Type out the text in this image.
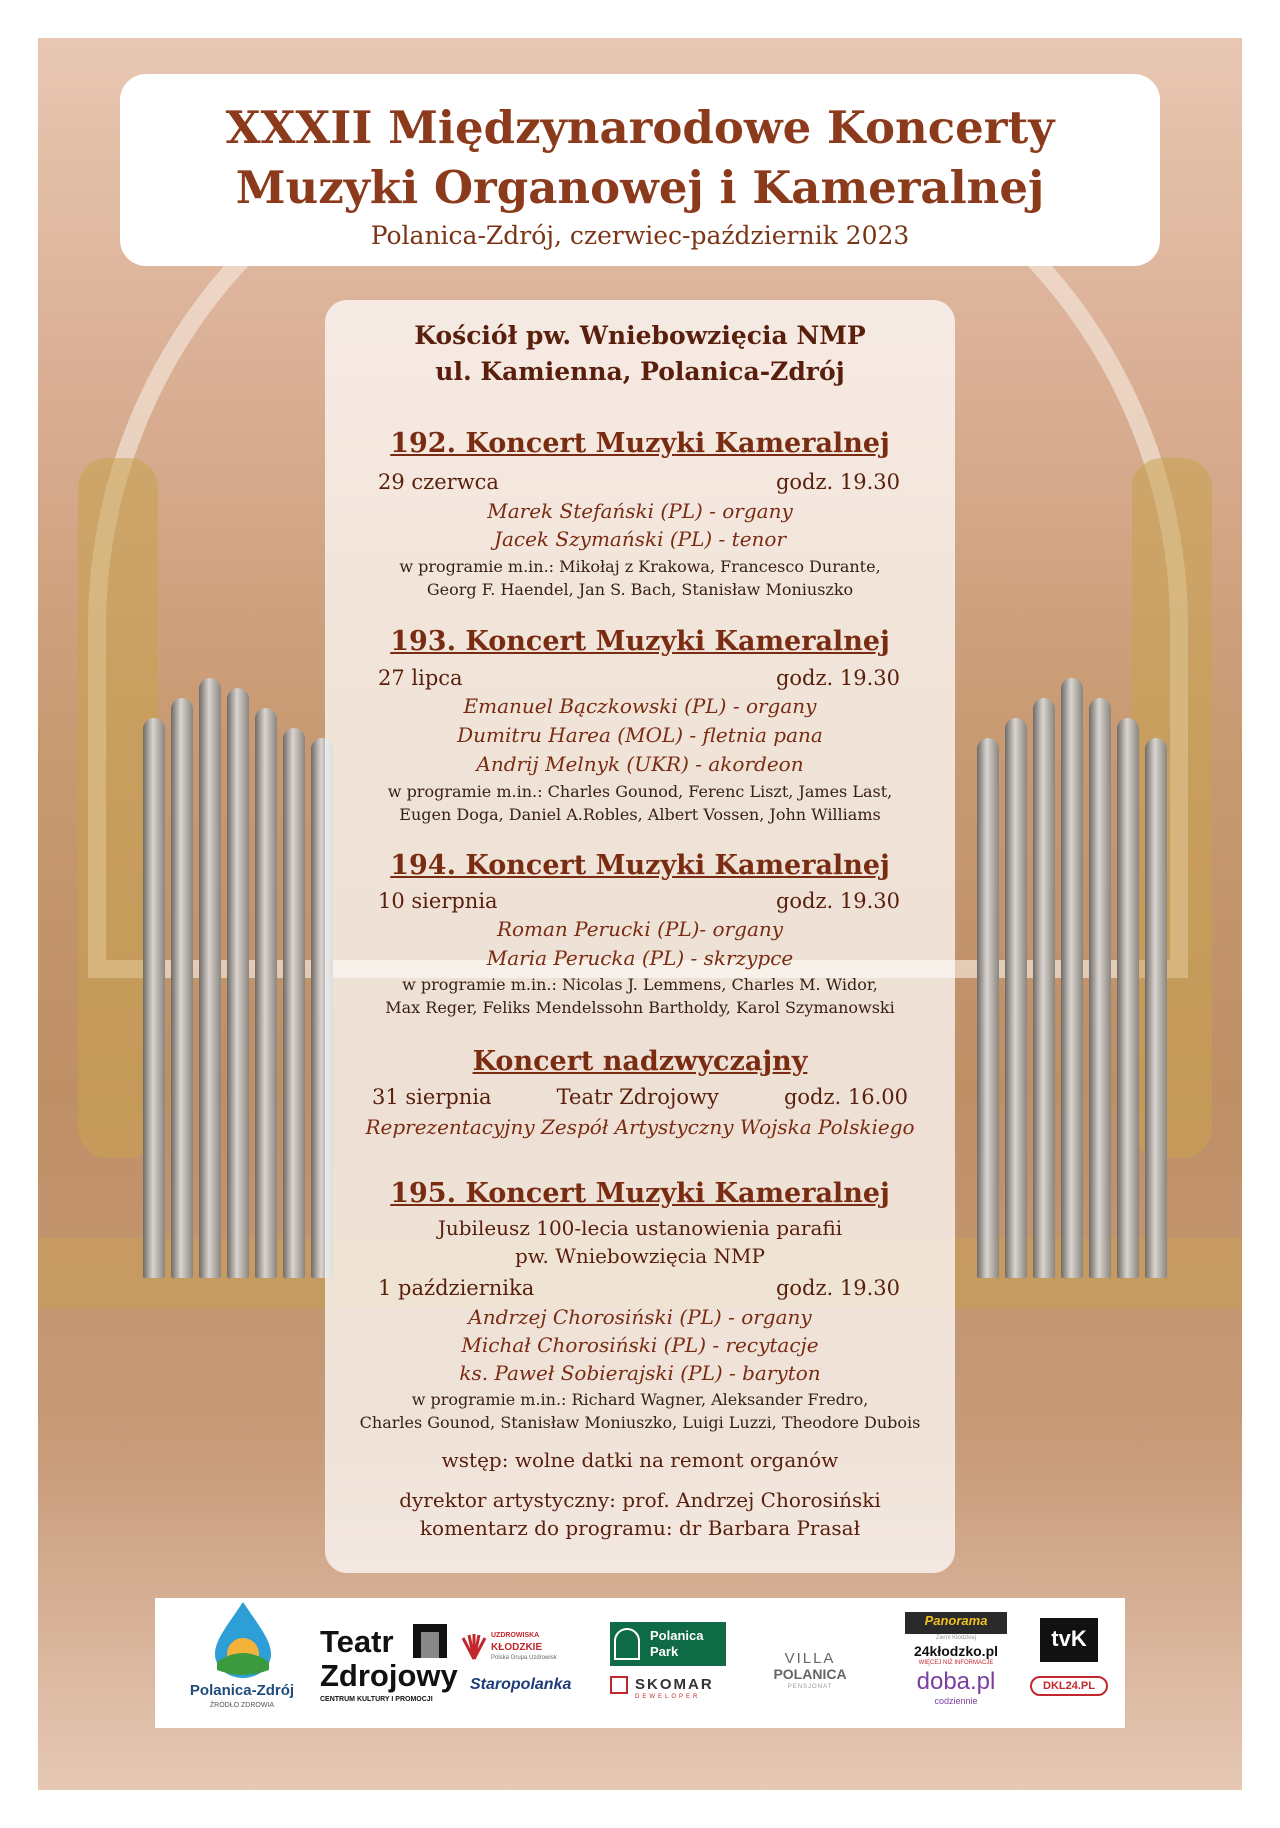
XXXII Międzynarodowe Koncerty
Muzyki Organowej i Kameralnej
Polanica-Zdrój, czerwiec-październik 2023
Kościół pw. Wniebowzięcia NMP
ul. Kamienna, Polanica-Zdrój
192. Koncert Muzyki Kameralnej
29 czerwca	godz. 19.30
Marek Stefański (PL) - organy
Jacek Szymański (PL) - tenor
w programie m.in.: Mikołaj z Krakowa, Francesco Durante,
Georg F. Haendel, Jan S. Bach, Stanisław Moniuszko
193. Koncert Muzyki Kameralnej
27 lipca	godz. 19.30
Emanuel Bączkowski (PL) - organy
Dumitru Harea (MOL) - fletnia pana
Andrij Melnyk (UKR) - akordeon
w programie m.in.: Charles Gounod, Ferenc Liszt, James Last,
Eugen Doga, Daniel A.Robles, Albert Vossen, John Williams
194. Koncert Muzyki Kameralnej
10 sierpnia	godz. 19.30
Roman Perucki (PL)- organy
Maria Perucka (PL) - skrzypce
w programie m.in.: Nicolas J. Lemmens, Charles M. Widor,
Max Reger, Feliks Mendelssohn Bartholdy, Karol Szymanowski
Koncert nadzwyczajny
31 sierpnia	Teatr Zdrojowy	godz. 16.00
Reprezentacyjny Zespół Artystyczny Wojska Polskiego
195. Koncert Muzyki Kameralnej
Jubileusz 100-lecia ustanowienia parafii
pw. Wniebowzięcia NMP
1 października	godz. 19.30
Andrzej Chorosiński (PL) - organy
Michał Chorosiński (PL) - recytacje
ks. Paweł Sobierajski (PL) - baryton
w programie m.in.: Richard Wagner, Aleksander Fredro,
Charles Gounod, Stanisław Moniuszko, Luigi Luzzi, Theodore Dubois
wstęp: wolne datki na remont organów
dyrektor artystyczny: prof. Andrzej Chorosiński
komentarz do programu: dr Barbara Prasał
Polanica-Zdrój
ŹRÓDŁO ZDROWIA
Teatr
Zdrojowy
CENTRUM KULTURY I PROMOCJI
UZDROWISKA
KŁODZKIE
Polska Grupa Uzdrowisk
Staropolanka
Polanica
Park
SKOMAR
DEWELOPER
VILLA
POLANICA
PENSJONAT
Panorama
Ziemi Kłodzkiej
24kłodzko.pl
WIĘCEJ NIŻ INFORMACJE
doba.pl
codziennie
tvK
DKL24.PL
